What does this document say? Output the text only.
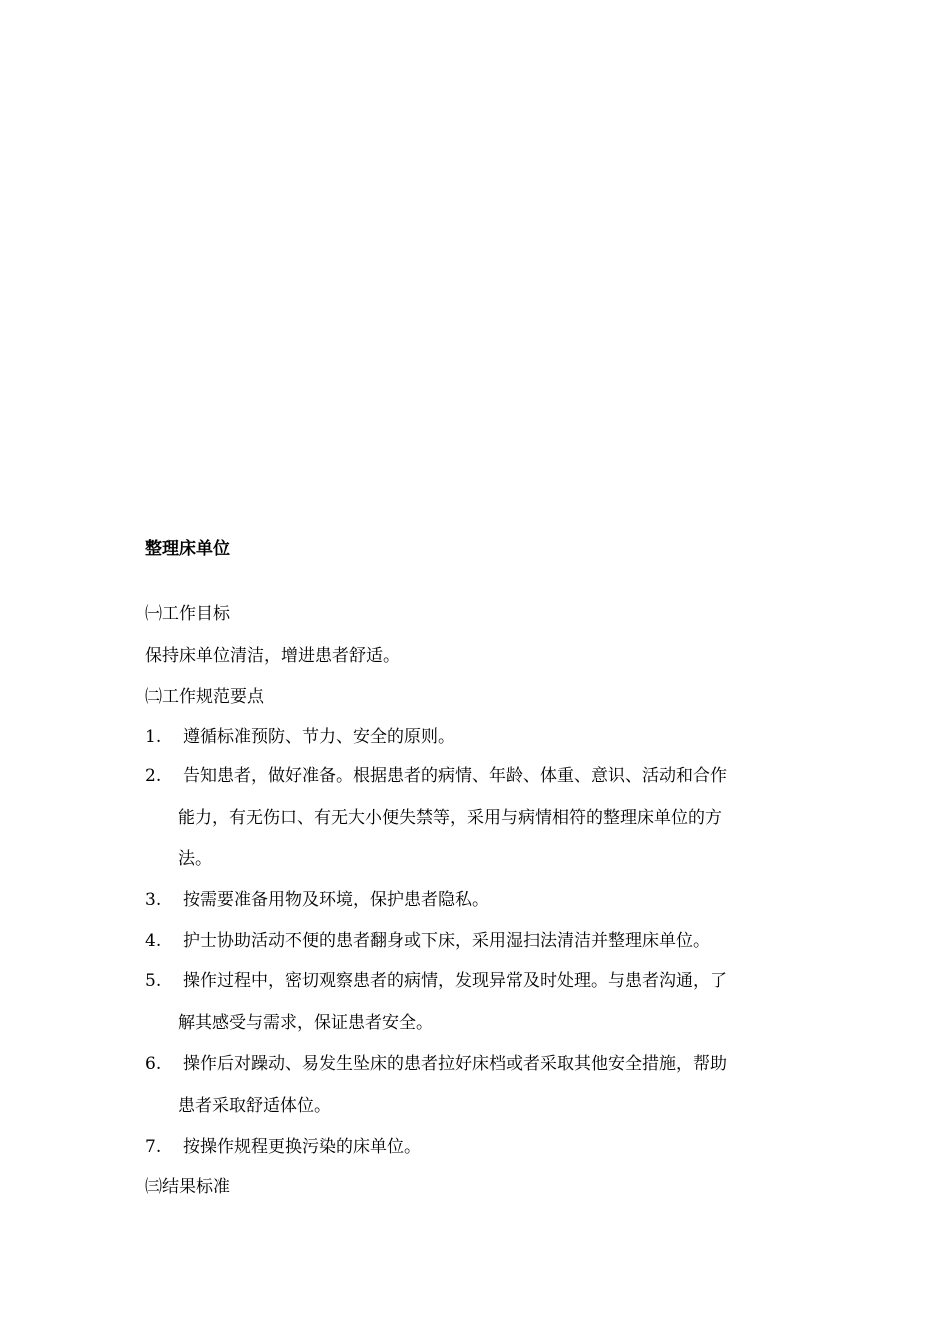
整理床单位
㈠工作目标
保持床单位清洁，增进患者舒适。
㈡工作规范要点
1. 遵循标准预防、节力、安全的原则。
2. 告知患者，做好准备。根据患者的病情、年龄、体重、意识、活动和合作
能力，有无伤口、有无大小便失禁等，采用与病情相符的整理床单位的方
法。
3. 按需要准备用物及环境，保护患者隐私。
4. 护士协助活动不便的患者翻身或下床，采用湿扫法清洁并整理床单位。
5. 操作过程中，密切观察患者的病情，发现异常及时处理。与患者沟通，了
解其感受与需求，保证患者安全。
6. 操作后对躁动、易发生坠床的患者拉好床档或者采取其他安全措施，帮助
患者采取舒适体位。
7. 按操作规程更换污染的床单位。
㈢结果标准
